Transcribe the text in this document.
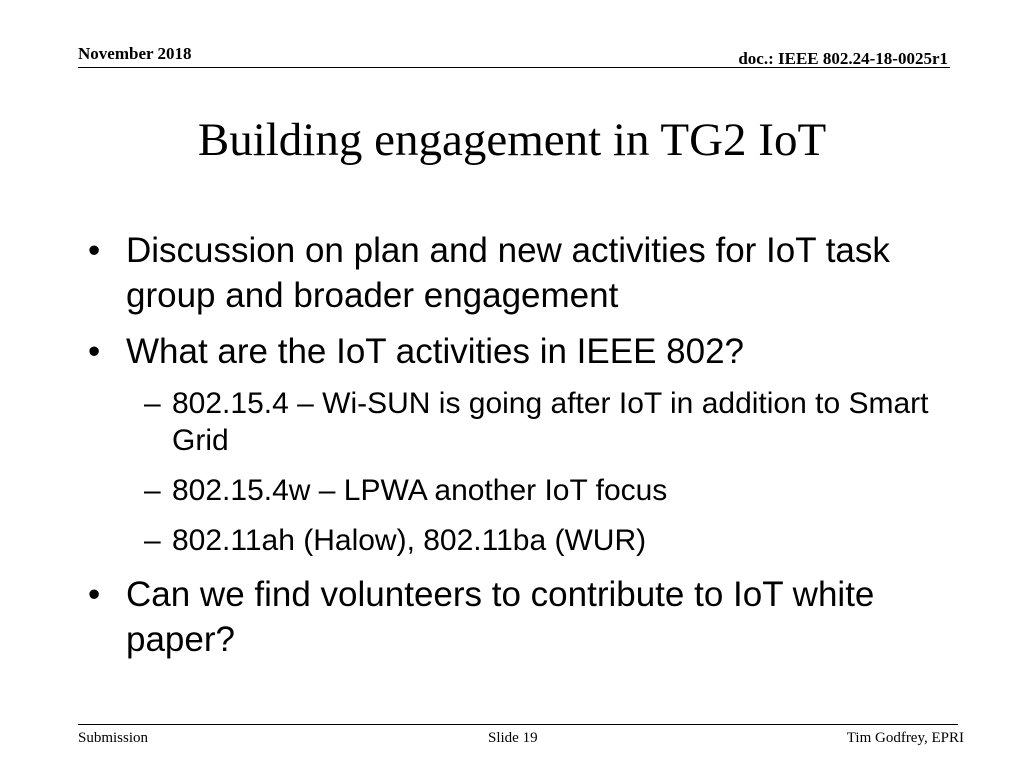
November 2018	doc.: IEEE 802.24-18-0025r1
Building engagement in TG2 IoT
• Discussion on plan and new activities for IoT task group and broader engagement
• What are the IoT activities in IEEE 802?
– 802.15.4 – Wi-SUN is going after IoT in addition to Smart Grid
– 802.15.4w – LPWA another IoT focus
– 802.11ah (Halow), 802.11ba (WUR)
• Can we find volunteers to contribute to IoT white paper?
Submission	Slide 19	Tim Godfrey, EPRI
